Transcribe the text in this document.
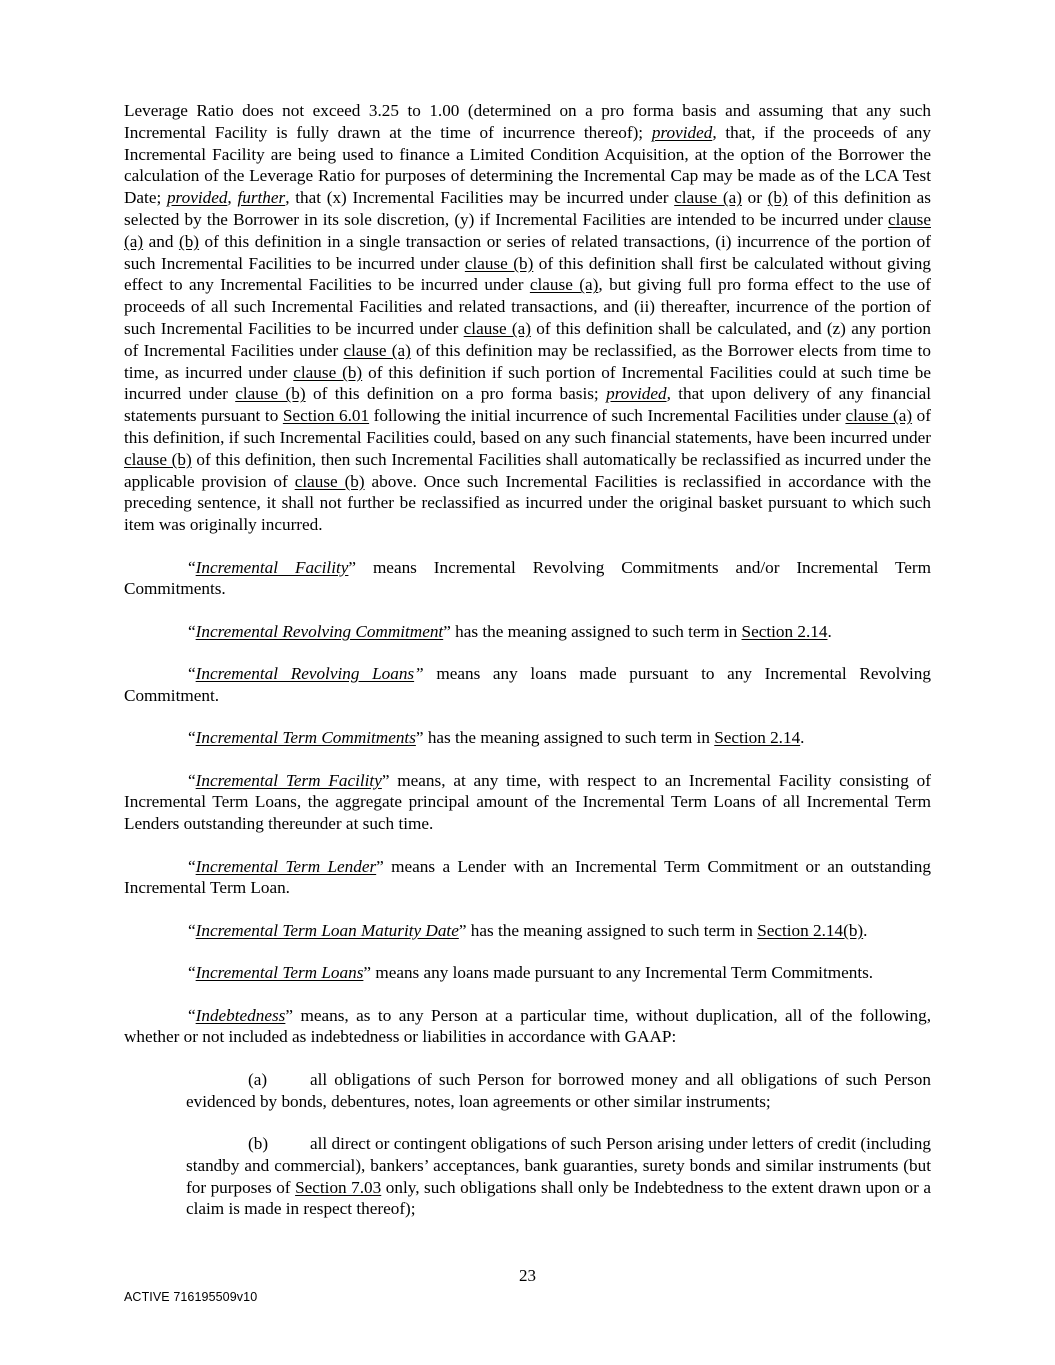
Leverage Ratio does not exceed 3.25 to 1.00 (determined on a pro forma basis and assuming that any such Incremental Facility is fully drawn at the time of incurrence thereof); provided, that, if the proceeds of any Incremental Facility are being used to finance a Limited Condition Acquisition, at the option of the Borrower the calculation of the Leverage Ratio for purposes of determining the Incremental Cap may be made as of the LCA Test Date; provided, further, that (x) Incremental Facilities may be incurred under clause (a) or (b) of this definition as selected by the Borrower in its sole discretion, (y) if Incremental Facilities are intended to be incurred under clause (a) and (b) of this definition in a single transaction or series of related transactions, (i) incurrence of the portion of such Incremental Facilities to be incurred under clause (b) of this definition shall first be calculated without giving effect to any Incremental Facilities to be incurred under clause (a), but giving full pro forma effect to the use of proceeds of all such Incremental Facilities and related transactions, and (ii) thereafter, incurrence of the portion of such Incremental Facilities to be incurred under clause (a) of this definition shall be calculated, and (z) any portion of Incremental Facilities under clause (a) of this definition may be reclassified, as the Borrower elects from time to time, as incurred under clause (b) of this definition if such portion of Incremental Facilities could at such time be incurred under clause (b) of this definition on a pro forma basis; provided, that upon delivery of any financial statements pursuant to Section 6.01 following the initial incurrence of such Incremental Facilities under clause (a) of this definition, if such Incremental Facilities could, based on any such financial statements, have been incurred under clause (b) of this definition, then such Incremental Facilities shall automatically be reclassified as incurred under the applicable provision of clause (b) above. Once such Incremental Facilities is reclassified in accordance with the preceding sentence, it shall not further be reclassified as incurred under the original basket pursuant to which such item was originally incurred.

“Incremental Facility” means Incremental Revolving Commitments and/or Incremental Term Commitments.

“Incremental Revolving Commitment” has the meaning assigned to such term in Section 2.14.

“Incremental Revolving Loans” means any loans made pursuant to any Incremental Revolving Commitment.

“Incremental Term Commitments” has the meaning assigned to such term in Section 2.14.

“Incremental Term Facility” means, at any time, with respect to an Incremental Facility consisting of Incremental Term Loans, the aggregate principal amount of the Incremental Term Loans of all Incremental Term Lenders outstanding thereunder at such time.

“Incremental Term Lender” means a Lender with an Incremental Term Commitment or an outstanding Incremental Term Loan.

“Incremental Term Loan Maturity Date” has the meaning assigned to such term in Section 2.14(b).

“Incremental Term Loans” means any loans made pursuant to any Incremental Term Commitments.

“Indebtedness” means, as to any Person at a particular time, without duplication, all of the following, whether or not included as indebtedness or liabilities in accordance with GAAP:

(a) all obligations of such Person for borrowed money and all obligations of such Person evidenced by bonds, debentures, notes, loan agreements or other similar instruments;

(b) all direct or contingent obligations of such Person arising under letters of credit (including standby and commercial), bankers’ acceptances, bank guaranties, surety bonds and similar instruments (but for purposes of Section 7.03 only, such obligations shall only be Indebtedness to the extent drawn upon or a claim is made in respect thereof);

23
ACTIVE 716195509v10
